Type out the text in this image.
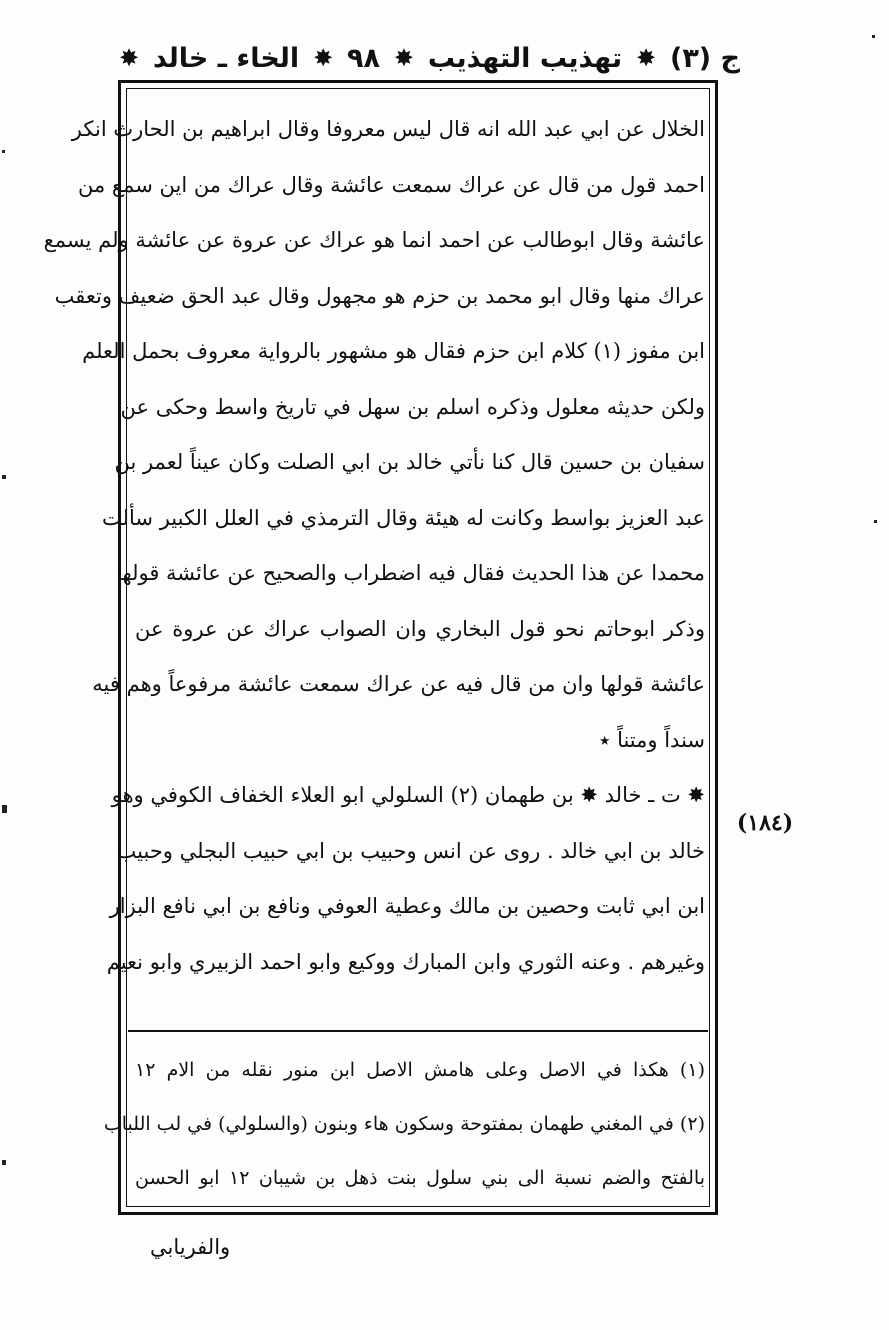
ج (٣)
✸
تهذيب التهذيب
✸
٩٨
✸
الخاء ـ خالد
✸
الخلال عن ابي عبد الله انه قال ليس معروفا وقال ابراهيم بن الحارث انكر
احمد قول من قال عن عراك سمعت عائشة وقال عراك من اين سمع من
عائشة وقال ابوطالب عن احمد انما هو عراك عن عروة عن عائشة ولم يسمع
عراك منها وقال ابو محمد بن حزم هو مجهول وقال عبد الحق ضعيف وتعقب
ابن مفوز (١) كلام ابن حزم فقال هو مشهور بالرواية معروف بحمل العلم
ولكن حديثه معلول وذكره اسلم بن سهل في تاريخ واسط وحكى عن
سفيان بن حسين قال كنا نأتي خالد بن ابي الصلت وكان عيناً لعمر بن
عبد العزيز بواسط وكانت له هيئة وقال الترمذي في العلل الكبير سألت
محمدا عن هذا الحديث فقال فيه اضطراب والصحيح عن عائشة قولها
وذكر ابوحاتم نحو قول البخاري وان الصواب عراك عن عروة عن
عائشة قولها وان من قال فيه عن عراك سمعت عائشة مرفوعاً وهم فيه
سنداً ومتناً ٭
✸ ت ـ خالد ✸ بن طهمان (٢) السلولي ابو العلاء الخفاف الكوفي وهو
خالد بن ابي خالد . روى عن انس وحبيب بن ابي حبيب البجلي وحبيب
ابن ابي ثابت وحصين بن مالك وعطية العوفي ونافع بن ابي نافع البزار
وغيرهم . وعنه الثوري وابن المبارك ووكيع وابو احمد الزبيري وابو نعيم
(١٨٤)
(١) هكذا في الاصل وعلى هامش الاصل ابن منور نقله من الام ١٢
(٢) في المغني طهمان بمفتوحة وسكون هاء وبنون (والسلولي) في لب اللباب
بالفتح والضم نسبة الى بني سلول بنت ذهل بن شيبان ١٢ ابو الحسن
والفريابي
